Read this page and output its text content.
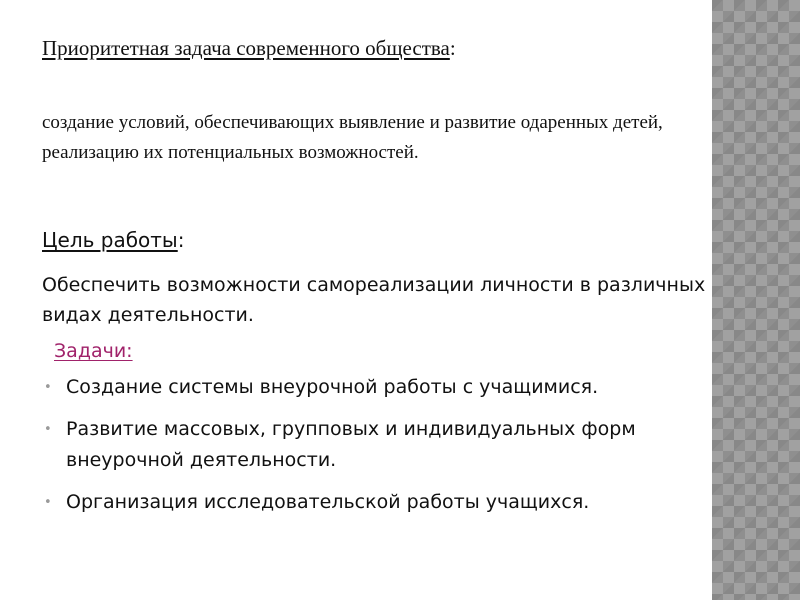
Приоритетная задача современного общества:
создание условий, обеспечивающих выявление и развитие одаренных детей, реализацию их потенциальных возможностей.
Цель работы:
Обеспечить возможности самореализации личности в различных видах деятельности.
Задачи:
• Создание системы внеурочной работы с учащимися.
• Развитие массовых, групповых и индивидуальных форм внеурочной деятельности.
• Организация исследовательской работы учащихся.
